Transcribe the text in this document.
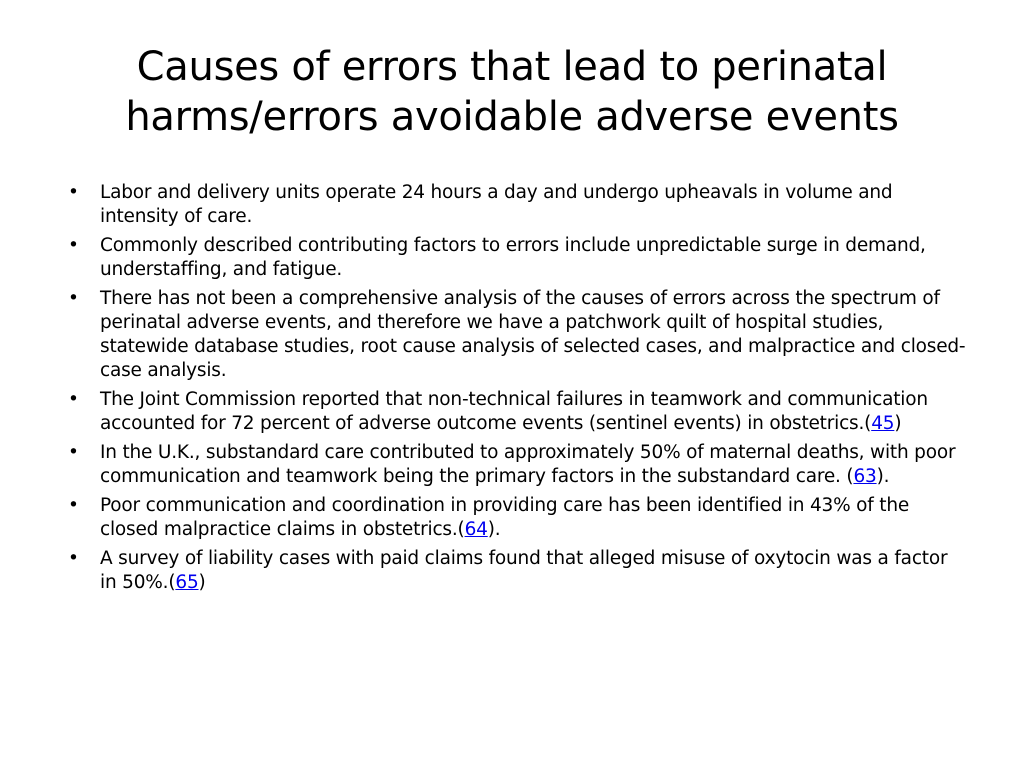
Causes of errors that lead to perinatal
harms/errors avoidable adverse events
•	Labor and delivery units operate 24 hours a day and undergo upheavals in volume and intensity of care.
•	Commonly described contributing factors to errors include unpredictable surge in demand, understaffing, and fatigue.
•	There has not been a comprehensive analysis of the causes of errors across the spectrum of perinatal adverse events, and therefore we have a patchwork quilt of hospital studies, statewide database studies, root cause analysis of selected cases, and malpractice and closed-case analysis.
•	The Joint Commission reported that non-technical failures in teamwork and communication accounted for 72 percent of adverse outcome events (sentinel events) in obstetrics.(45)
•	In the U.K., substandard care contributed to approximately 50% of maternal deaths, with poor communication and teamwork being the primary factors in the substandard care. (63).
•	Poor communication and coordination in providing care has been identified in 43% of the closed malpractice claims in obstetrics.(64).
•	A survey of liability cases with paid claims found that alleged misuse of oxytocin was a factor in 50%.(65)
